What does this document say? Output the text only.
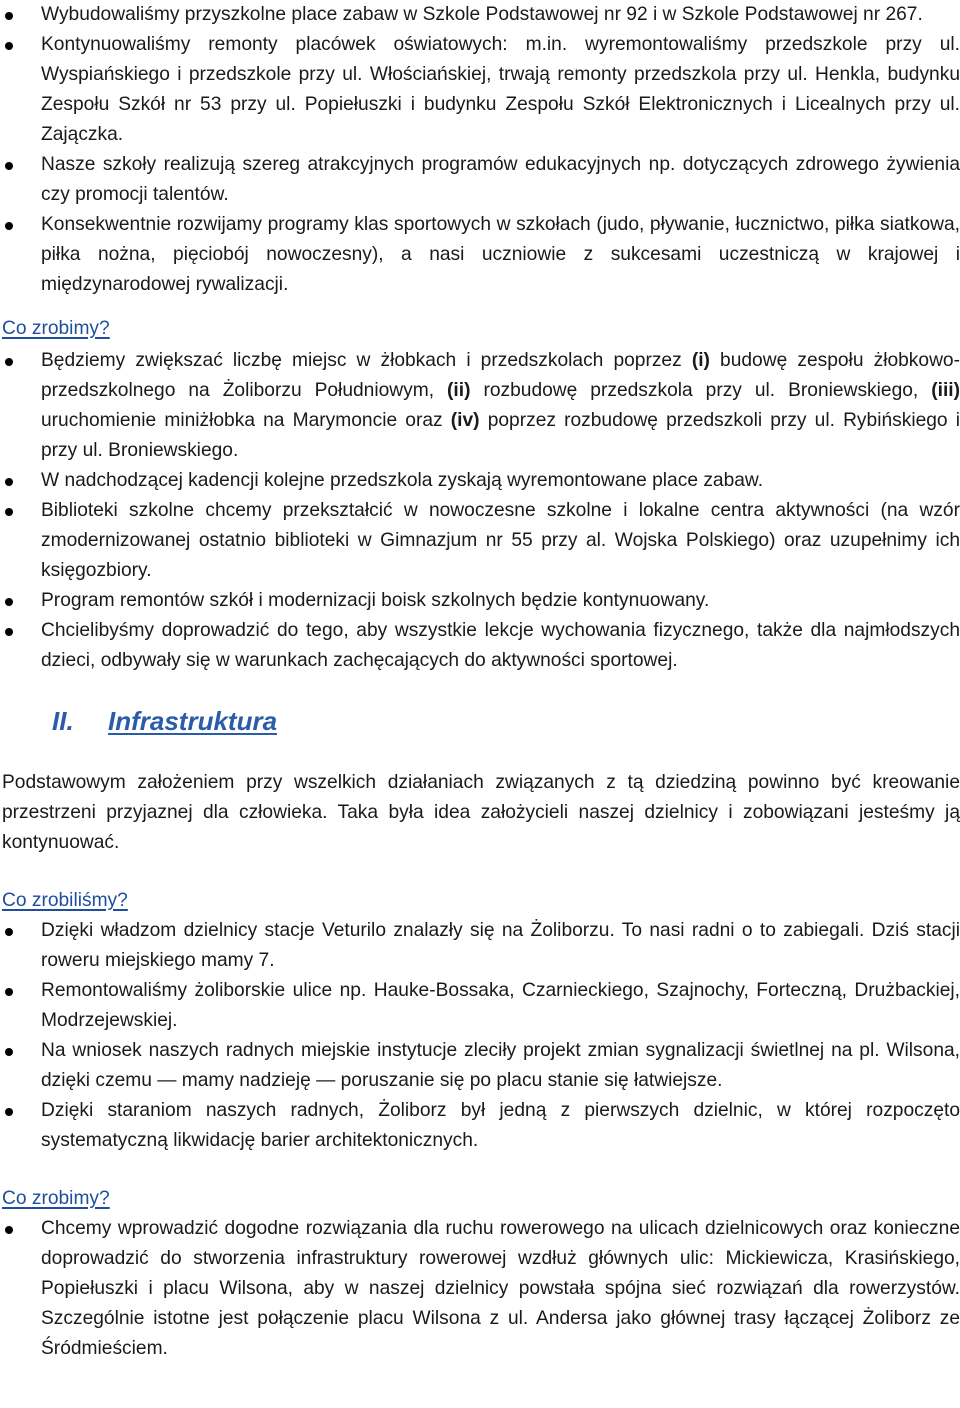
Wybudowaliśmy przyszkolne place zabaw w Szkole Podstawowej nr 92 i w Szkole Podstawowej nr 267.
Kontynuowaliśmy remonty placówek oświatowych: m.in. wyremontowaliśmy przedszkole przy ul. Wyspiańskiego i przedszkole przy ul. Włościańskiej, trwają remonty przedszkola przy ul. Henkla, budynku Zespołu Szkół nr 53 przy ul. Popiełuszki i budynku Zespołu Szkół Elektronicznych i Licealnych przy ul. Zajączka.
Nasze szkoły realizują szereg atrakcyjnych programów edukacyjnych np. dotyczących zdrowego żywienia czy promocji talentów.
Konsekwentnie rozwijamy programy klas sportowych w szkołach (judo, pływanie, łucznictwo, piłka siatkowa, piłka nożna, pięciobój nowoczesny), a nasi uczniowie z sukcesami uczestniczą w krajowej i międzynarodowej rywalizacji.

Co zrobimy?

Będziemy zwiększać liczbę miejsc w żłobkach i przedszkolach poprzez (i) budowę zespołu żłobkowo-przedszkolnego na Żoliborzu Południowym, (ii) rozbudowę przedszkola przy ul. Broniewskiego, (iii) uruchomienie miniżłobka na Marymoncie oraz (iv) poprzez rozbudowę przedszkoli przy ul. Rybińskiego i przy ul. Broniewskiego.
W nadchodzącej kadencji kolejne przedszkola zyskają wyremontowane place zabaw.
Biblioteki szkolne chcemy przekształcić w nowoczesne szkolne i lokalne centra aktywności (na wzór zmodernizowanej ostatnio biblioteki w Gimnazjum nr 55 przy al. Wojska Polskiego) oraz uzupełnimy ich księgozbiory.
Program remontów szkół i modernizacji boisk szkolnych będzie kontynuowany.
Chcielibyśmy doprowadzić do tego, aby wszystkie lekcje wychowania fizycznego, także dla najmłodszych dzieci, odbywały się w warunkach zachęcających do aktywności sportowej.

II. Infrastruktura

Podstawowym założeniem przy wszelkich działaniach związanych z tą dziedziną powinno być kreowanie przestrzeni przyjaznej dla człowieka. Taka była idea założycieli naszej dzielnicy i zobowiązani jesteśmy ją kontynuować.

Co zrobiliśmy?

Dzięki władzom dzielnicy stacje Veturilo znalazły się na Żoliborzu. To nasi radni o to zabiegali. Dziś stacji roweru miejskiego mamy 7.
Remontowaliśmy żoliborskie ulice np. Hauke-Bossaka, Czarnieckiego, Szajnochy, Forteczną, Drużbackiej, Modrzejewskiej.
Na wniosek naszych radnych miejskie instytucje zleciły projekt zmian sygnalizacji świetlnej na pl. Wilsona, dzięki czemu — mamy nadzieję — poruszanie się po placu stanie się łatwiejsze.
Dzięki staraniom naszych radnych, Żoliborz był jedną z pierwszych dzielnic, w której rozpoczęto systematyczną likwidację barier architektonicznych.

Co zrobimy?

Chcemy wprowadzić dogodne rozwiązania dla ruchu rowerowego na ulicach dzielnicowych oraz konieczne doprowadzić do stworzenia infrastruktury rowerowej wzdłuż głównych ulic: Mickiewicza, Krasińskiego, Popiełuszki i placu Wilsona, aby w naszej dzielnicy powstała spójna sieć rozwiązań dla rowerzystów. Szczególnie istotne jest połączenie placu Wilsona z ul. Andersa jako głównej trasy łączącej Żoliborz ze Śródmieściem.
